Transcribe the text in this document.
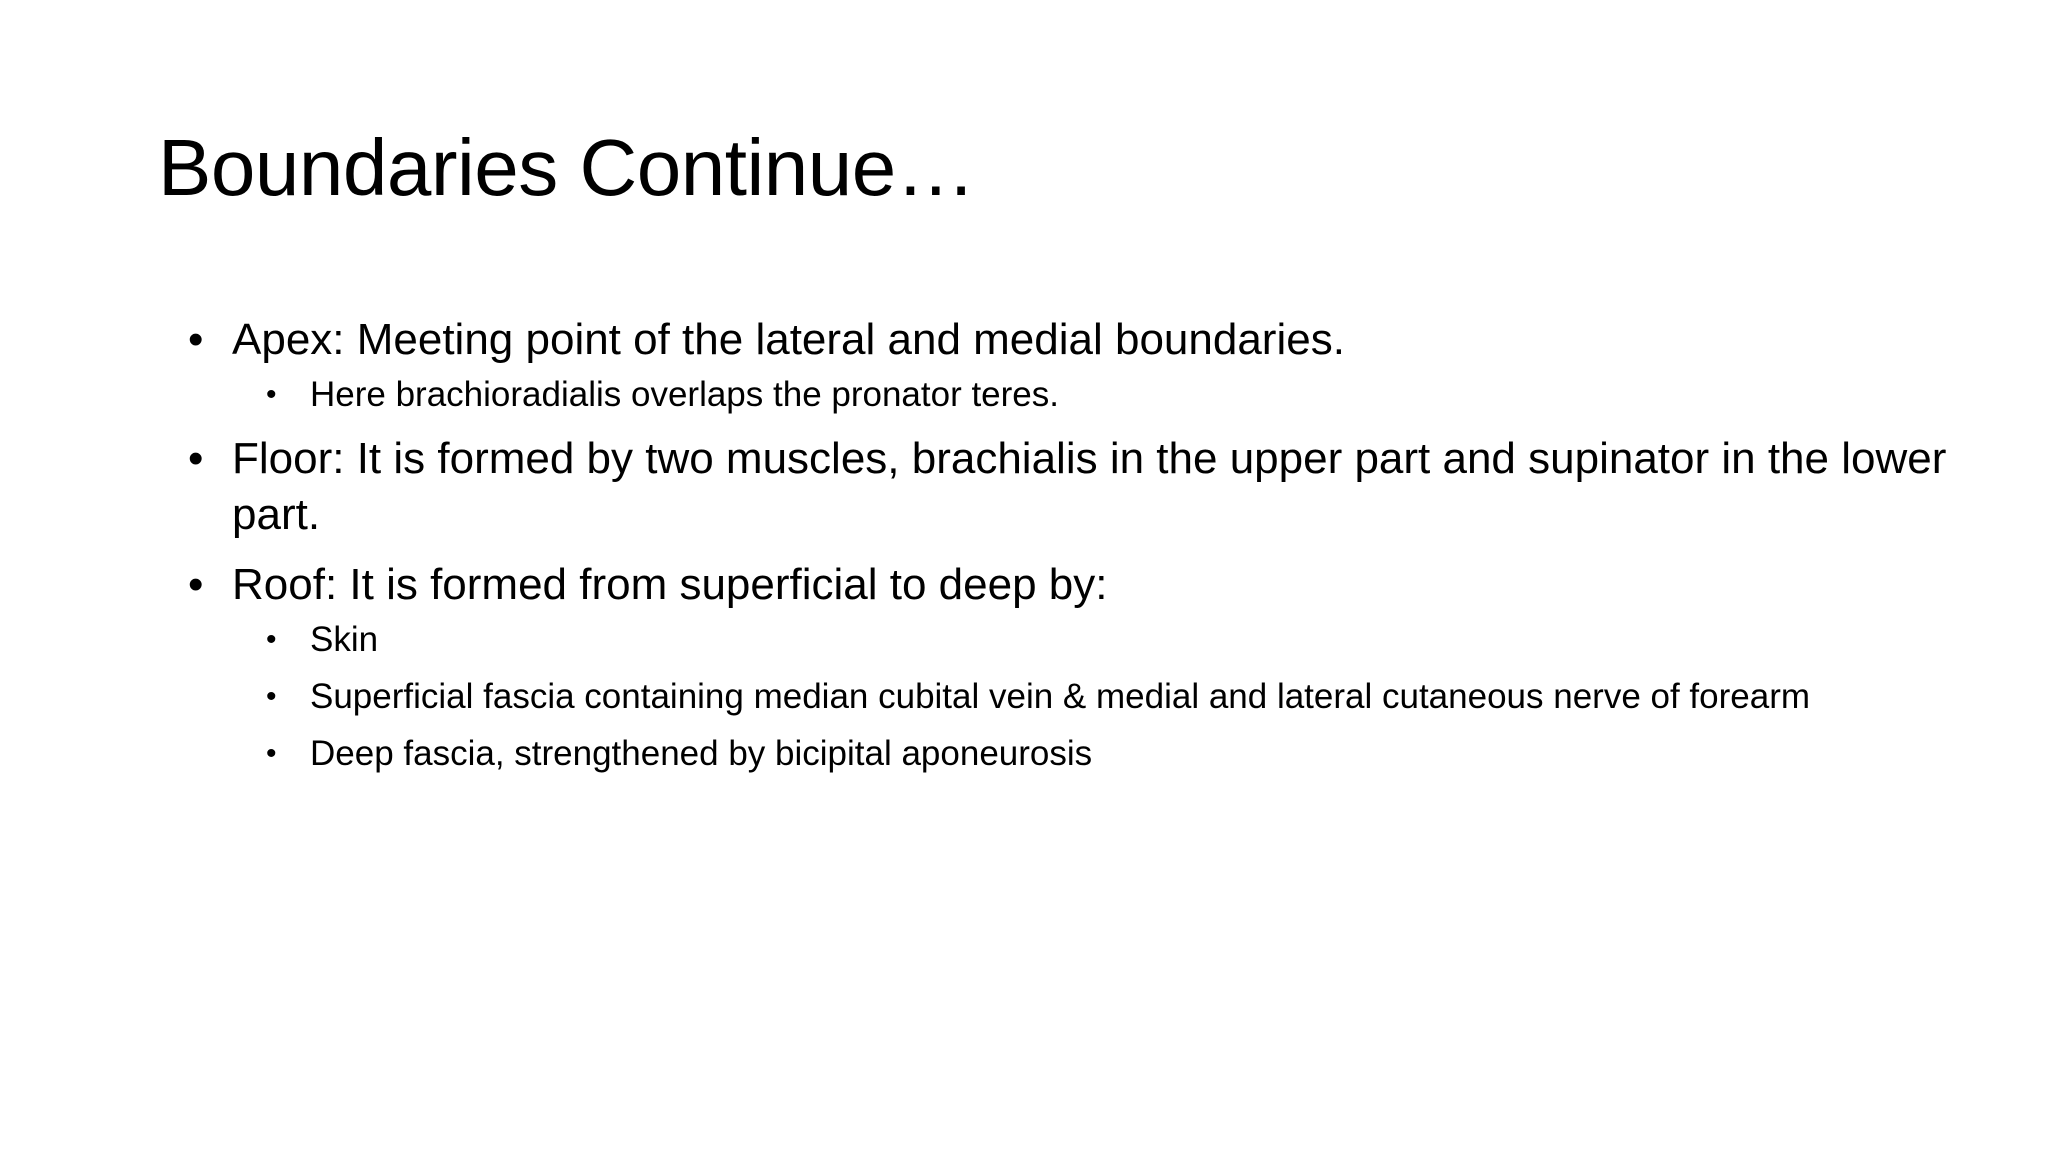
Boundaries Continue…
• Apex: Meeting point of the lateral and medial boundaries.
• Here brachioradialis overlaps the pronator teres.
• Floor: It is formed by two muscles, brachialis in the upper part and supinator in the lower part.
• Roof: It is formed from superficial to deep by:
• Skin
• Superficial fascia containing median cubital vein & medial and lateral cutaneous nerve of forearm
• Deep fascia, strengthened by bicipital aponeurosis
